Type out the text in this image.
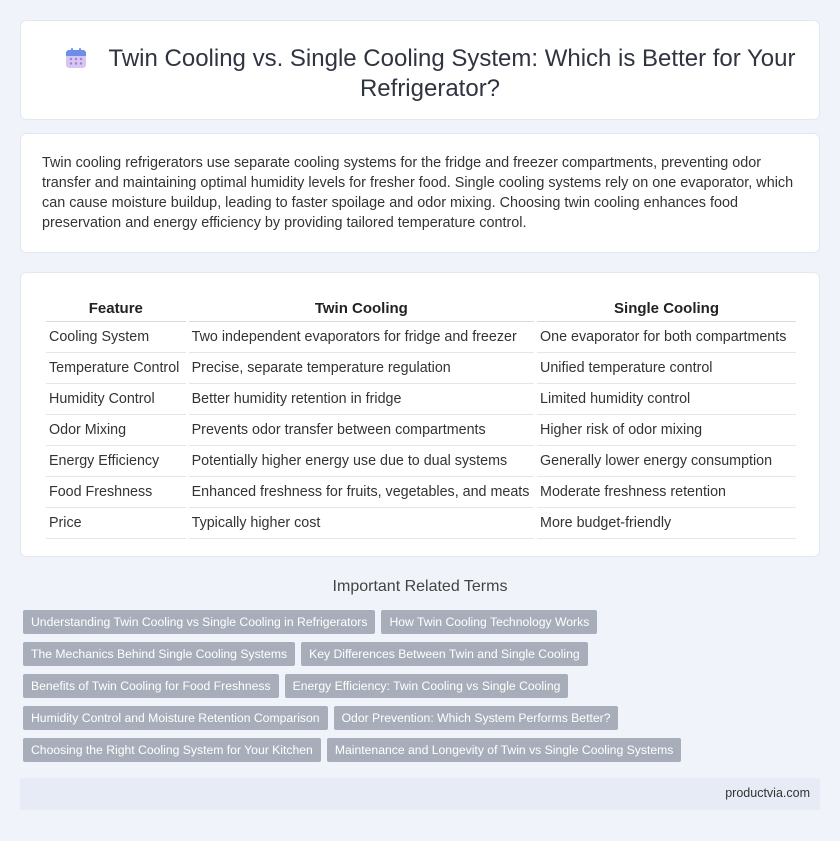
Twin Cooling vs. Single Cooling System: Which is Better for Your Refrigerator?
Twin cooling refrigerators use separate cooling systems for the fridge and freezer compartments, preventing odor transfer and maintaining optimal humidity levels for fresher food. Single cooling systems rely on one evaporator, which can cause moisture buildup, leading to faster spoilage and odor mixing. Choosing twin cooling enhances food preservation and energy efficiency by providing tailored temperature control.
Feature	Twin Cooling	Single Cooling
Cooling System	Two independent evaporators for fridge and freezer	One evaporator for both compartments
Temperature Control	Precise, separate temperature regulation	Unified temperature control
Humidity Control	Better humidity retention in fridge	Limited humidity control
Odor Mixing	Prevents odor transfer between compartments	Higher risk of odor mixing
Energy Efficiency	Potentially higher energy use due to dual systems	Generally lower energy consumption
Food Freshness	Enhanced freshness for fruits, vegetables, and meats	Moderate freshness retention
Price	Typically higher cost	More budget-friendly
Important Related Terms
Understanding Twin Cooling vs Single Cooling in Refrigerators How Twin Cooling Technology Works
The Mechanics Behind Single Cooling Systems Key Differences Between Twin and Single Cooling
Benefits of Twin Cooling for Food Freshness Energy Efficiency: Twin Cooling vs Single Cooling
Humidity Control and Moisture Retention Comparison Odor Prevention: Which System Performs Better?
Choosing the Right Cooling System for Your Kitchen Maintenance and Longevity of Twin vs Single Cooling Systems
productvia.com
